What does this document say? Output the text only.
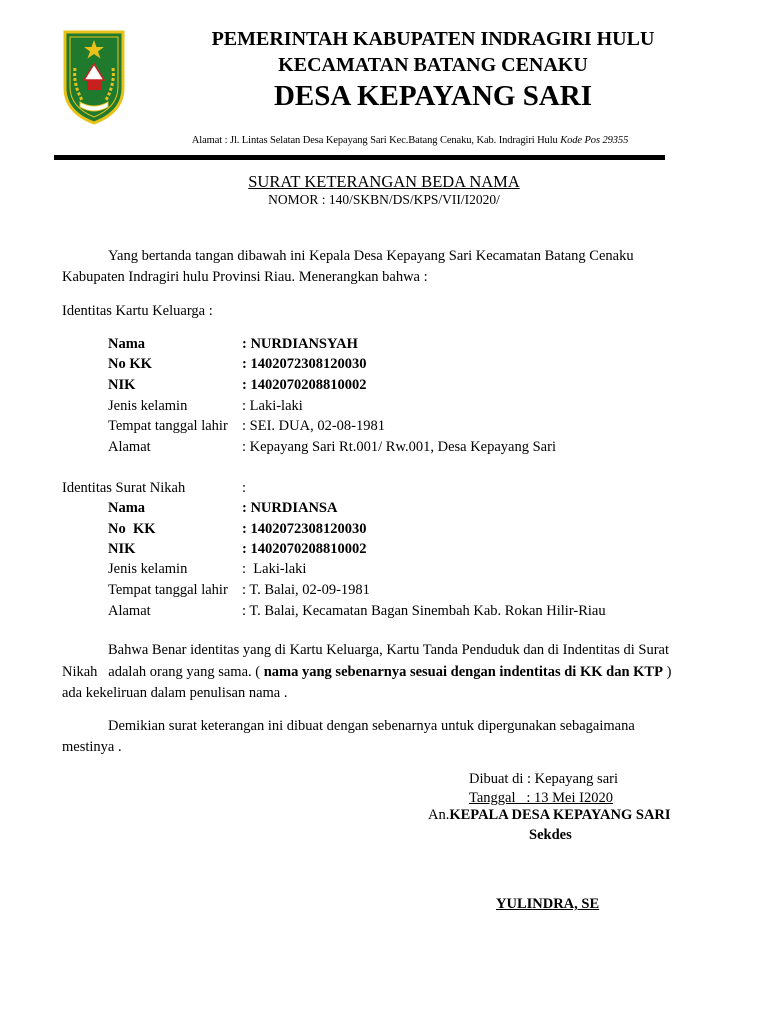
PEMERINTAH KABUPATEN INDRAGIRI HULU
KECAMATAN BATANG CENAKU
DESA KEPAYANG SARI
Alamat : Jl. Lintas Selatan Desa Kepayang Sari Kec.Batang Cenaku, Kab. Indragiri Hulu Kode Pos 29355
SURAT KETERANGAN BEDA NAMA
NOMOR : 140/SKBN/DS/KPS/VII/I2020/
Yang bertanda tangan dibawah ini Kepala Desa Kepayang Sari Kecamatan Batang Cenaku
Kabupaten Indragiri hulu Provinsi Riau. Menerangkan bahwa :
Identitas Kartu Keluarga :
Nama	: NURDIANSYAH
No KK	: 1402072308120030
NIK	: 1402070208810002
Jenis kelamin	: Laki-laki
Tempat tanggal lahir : SEI. DUA, 02-08-1981
Alamat	: Kepayang Sari Rt.001/ Rw.001, Desa Kepayang Sari
Identitas Surat Nikah	:
Nama	: NURDIANSA
No  KK	: 1402072308120030
NIK	: 1402070208810002
Jenis kelamin	:  Laki-laki
Tempat tanggal lahir : T. Balai, 02-09-1981
Alamat	: T. Balai, Kecamatan Bagan Sinembah Kab. Rokan Hilir-Riau
Bahwa Benar identitas yang di Kartu Keluarga, Kartu Tanda Penduduk dan di Indentitas di Surat
Nikah   adalah orang yang sama. ( nama yang sebenarnya sesuai dengan indentitas di KK dan KTP )
ada kekeliruan dalam penulisan nama .
Demikian surat keterangan ini dibuat dengan sebenarnya untuk dipergunakan sebagaimana
mestinya .
Dibuat di : Kepayang sari
Tanggal   : 13 Mei I2020
An.KEPALA DESA KEPAYANG SARI
Sekdes
YULINDRA, SE
